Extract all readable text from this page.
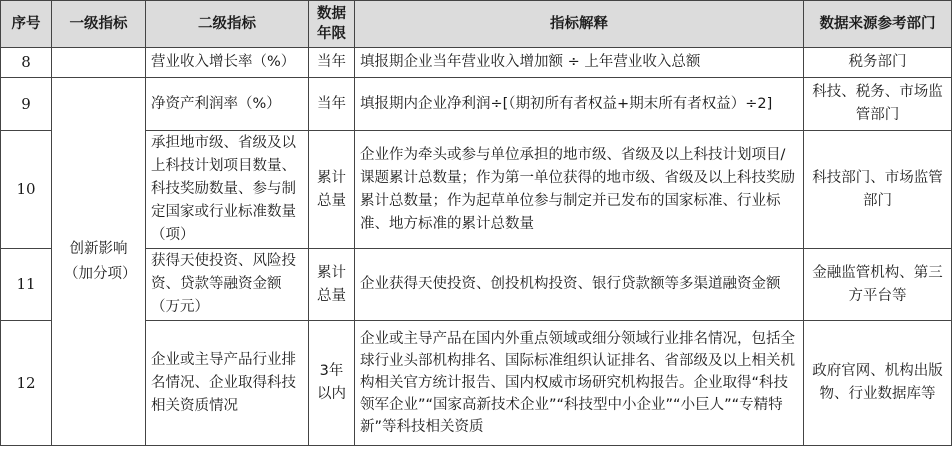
序号	一级指标	二级指标	数据年限	指标解释	数据来源参考部门
8		营业收入增长率（%）	当年	填报期企业当年营业收入增加额 ÷ 上年营业收入总额	税务部门
9	创新影响（加分项）	净资产利润率（%）	当年	填报期内企业净利润÷[（期初所有者权益+期末所有者权益）÷2]	科技、税务、市场监管部门
10		承担地市级、省级及以上科技计划项目数量、科技奖励数量、参与制定国家或行业标准数量（项）	累计总量	企业作为牵头或参与单位承担的地市级、省级及以上科技计划项目/课题累计总数量；作为第一单位获得的地市级、省级及以上科技奖励累计总数量；作为起草单位参与制定并已发布的国家标准、行业标准、地方标准的累计总数量	科技部门、市场监管部门
11		获得天使投资、风险投资、贷款等融资金额（万元）	累计总量	企业获得天使投资、创投机构投资、银行贷款额等多渠道融资金额	金融监管机构、第三方平台等
12		企业或主导产品行业排名情况、企业取得科技相关资质情况	3年以内	企业或主导产品在国内外重点领域或细分领域行业排名情况，包括全球行业头部机构排名、国际标准组织认证排名、省部级及以上相关机构相关官方统计报告、国内权威市场研究机构报告。企业取得“科技领军企业”“国家高新技术企业”“科技型中小企业”“小巨人”“专精特新”等科技相关资质	政府官网、机构出版物、行业数据库等
